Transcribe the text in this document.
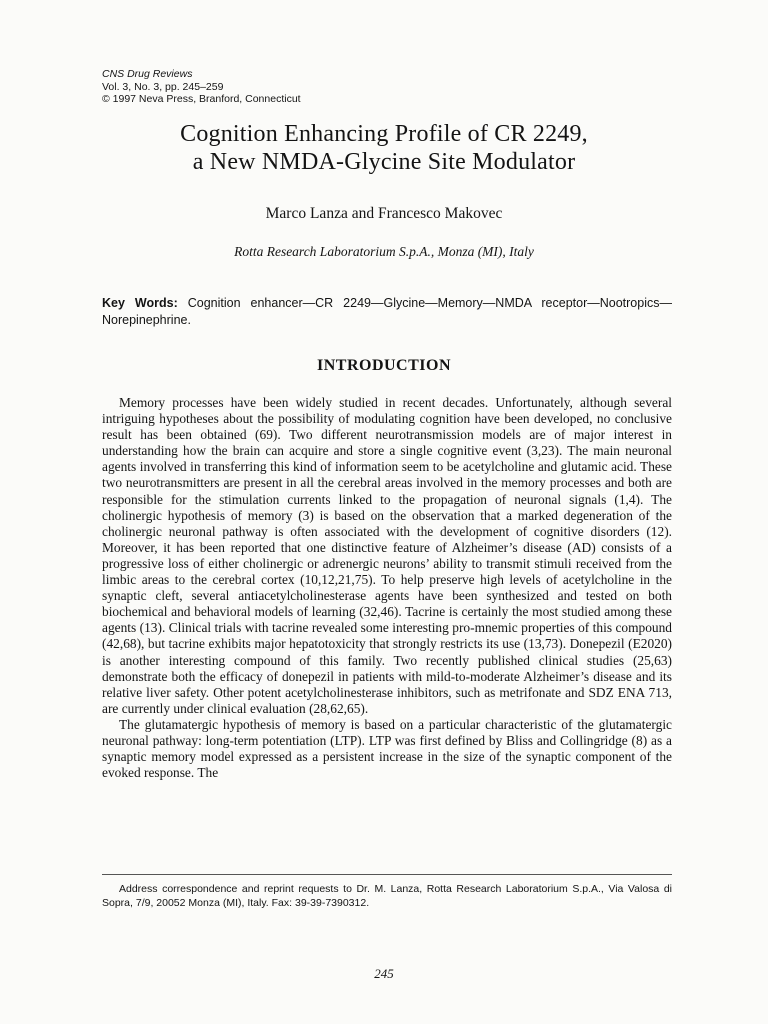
CNS Drug Reviews
Vol. 3, No. 3, pp. 245–259
© 1997 Neva Press, Branford, Connecticut
Cognition Enhancing Profile of CR 2249,
a New NMDA-Glycine Site Modulator
Marco Lanza and Francesco Makovec
Rotta Research Laboratorium S.p.A., Monza (MI), Italy
Key Words: Cognition enhancer—CR 2249—Glycine—Memory—NMDA receptor—Nootropics—Norepinephrine.
INTRODUCTION

Memory processes have been widely studied in recent decades. Unfortunately, although several intriguing hypotheses about the possibility of modulating cognition have been developed, no conclusive result has been obtained (69). Two different neurotransmission models are of major interest in understanding how the brain can acquire and store a single cognitive event (3,23). The main neuronal agents involved in transferring this kind of information seem to be acetylcholine and glutamic acid. These two neurotransmitters are present in all the cerebral areas involved in the memory processes and both are responsible for the stimulation currents linked to the propagation of neuronal signals (1,4). The cholinergic hypothesis of memory (3) is based on the observation that a marked degeneration of the cholinergic neuronal pathway is often associated with the development of cognitive disorders (12). Moreover, it has been reported that one distinctive feature of Alzheimer’s disease (AD) consists of a progressive loss of either cholinergic or adrenergic neurons’ ability to transmit stimuli received from the limbic areas to the cerebral cortex (10,12,21,75). To help preserve high levels of acetylcholine in the synaptic cleft, several antiacetylcholinesterase agents have been synthesized and tested on both biochemical and behavioral models of learning (32,46). Tacrine is certainly the most studied among these agents (13). Clinical trials with tacrine revealed some interesting pro-mnemic properties of this compound (42,68), but tacrine exhibits major hepatotoxicity that strongly restricts its use (13,73). Donepezil (E2020) is another interesting compound of this family. Two recently published clinical studies (25,63) demonstrate both the efficacy of donepezil in patients with mild-to-moderate Alzheimer’s disease and its relative liver safety. Other potent acetylcholinesterase inhibitors, such as metrifonate and SDZ ENA 713, are currently under clinical evaluation (28,62,65).

The glutamatergic hypothesis of memory is based on a particular characteristic of the glutamatergic neuronal pathway: long-term potentiation (LTP). LTP was first defined by Bliss and Collingridge (8) as a synaptic memory model expressed as a persistent increase in the size of the synaptic component of the evoked response. The

Address correspondence and reprint requests to Dr. M. Lanza, Rotta Research Laboratorium S.p.A., Via Valosa di Sopra, 7/9, 20052 Monza (MI), Italy. Fax: 39-39-7390312.
245
